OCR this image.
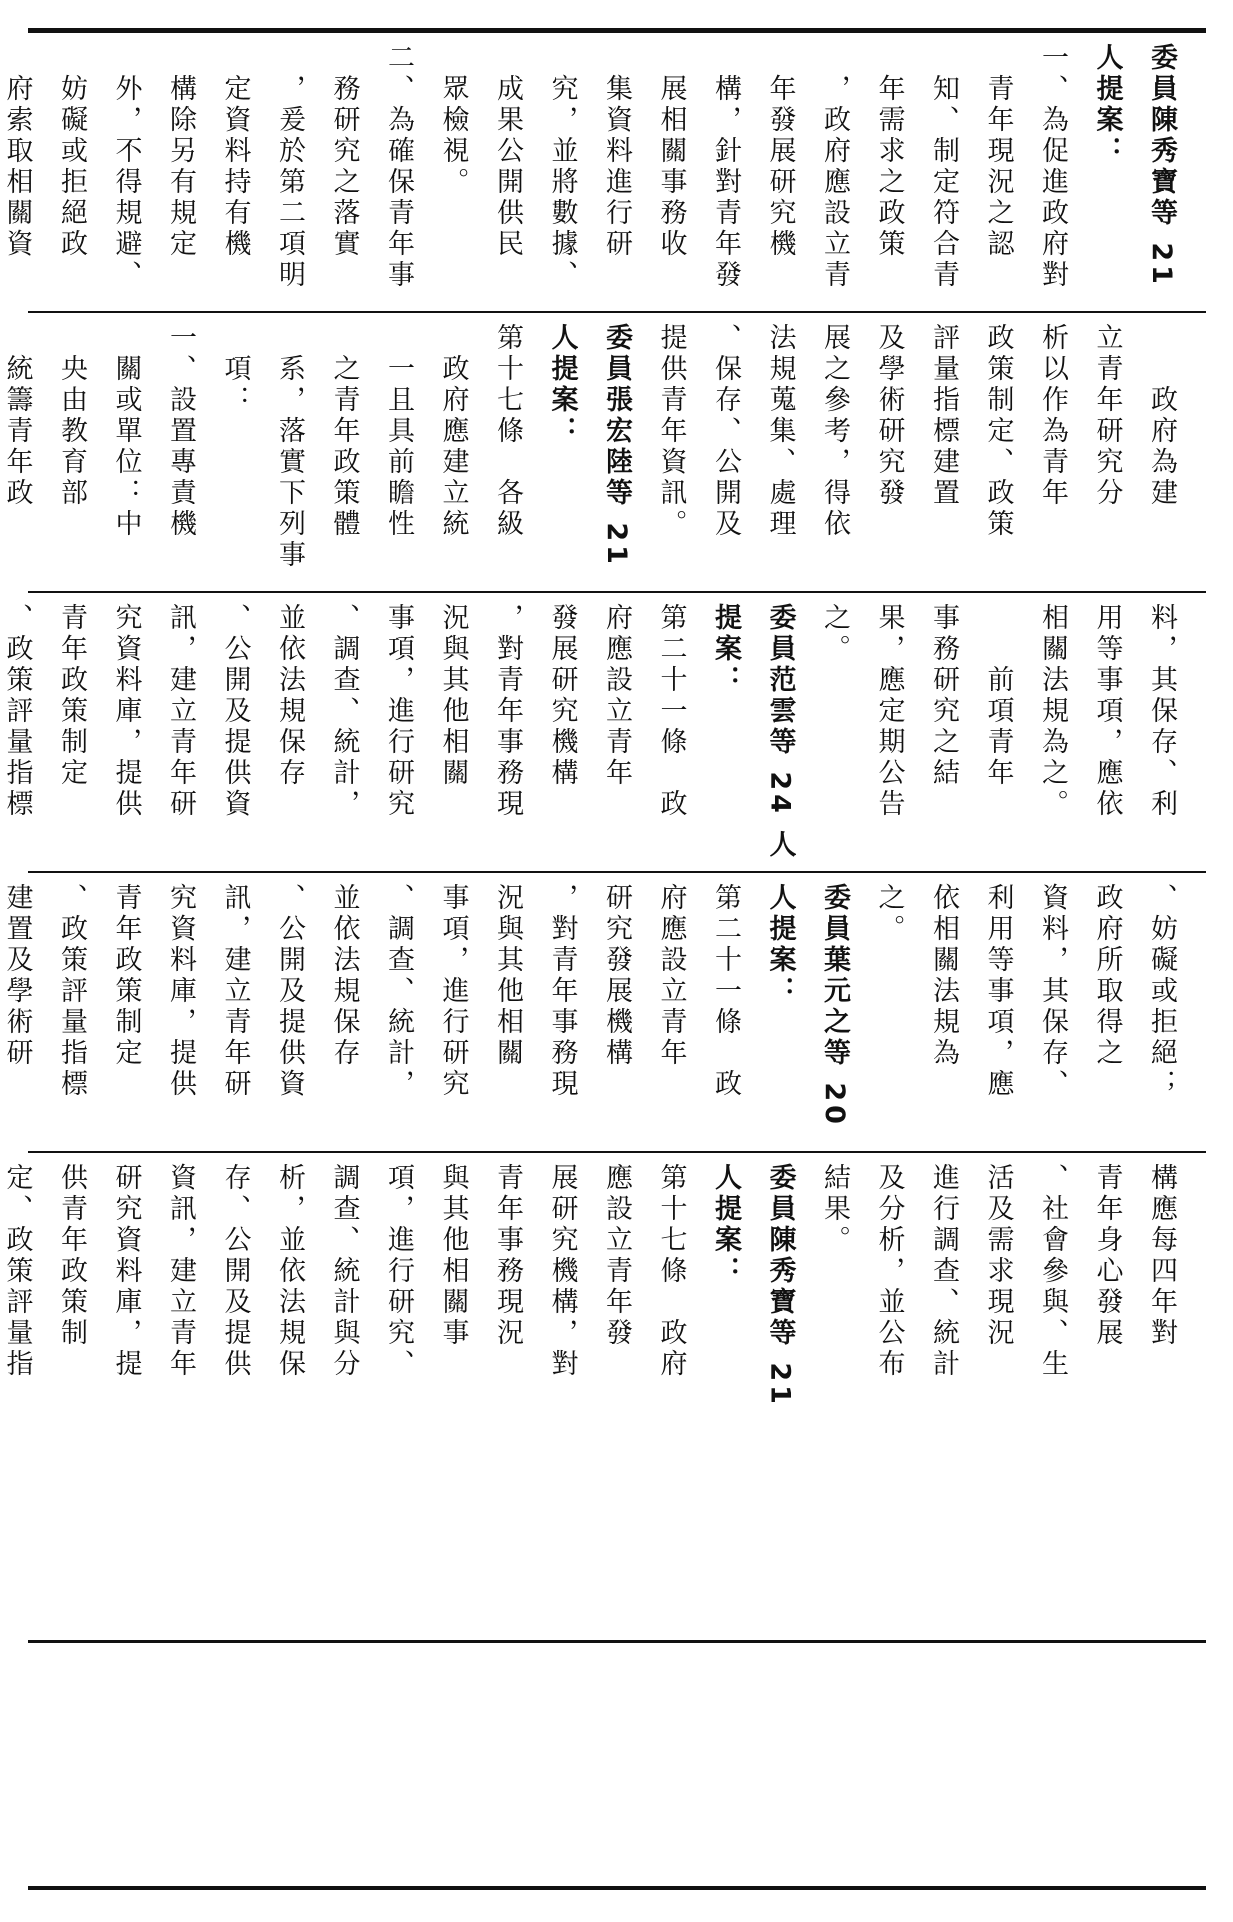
委員陳秀寶等 21
人提案：
一、為促進政府對
　青年現況之認
　知、制定符合青
　年需求之政策
　，政府應設立青
　年發展研究機
　構，針對青年發
　展相關事務收
　集資料進行研
　究，並將數據、
　成果公開供民
　眾檢視。
二、為確保青年事
　務研究之落實
　，爰於第二項明
　定資料持有機
　構除另有規定
　外，不得規避、
　妨礙或拒絕政
　府索取相關資
　　政府為建
立青年研究分
析以作為青年
政策制定、政策
評量指標建置
及學術研究發
展之參考，得依
法規蒐集、處理
、保存、公開及
提供青年資訊。
委員張宏陸等 21
人提案：
第十七條　各級
　政府應建立統
　一且具前瞻性
　之青年政策體
　系，落實下列事
　項：
一、設置專責機
　關或單位：中
　央由教育部
　統籌青年政
料，其保存、利
用等事項，應依
相關法規為之。
　　前項青年
事務研究之結
果，應定期公告
之。
委員范雲等 24 人
提案：
第二十一條　政
府應設立青年
發展研究機構
，對青年事務現
況與其他相關
事項，進行研究
、調查、統計，
並依法規保存
、公開及提供資
訊，建立青年研
究資料庫，提供
青年政策制定
、政策評量指標
、妨礙或拒絕；
政府所取得之
資料，其保存、
利用等事項，應
依相關法規為
之。
委員葉元之等 20
人提案：
第二十一條　政
府應設立青年
研究發展機構
，對青年事務現
況與其他相關
事項，進行研究
、調查、統計，
並依法規保存
、公開及提供資
訊，建立青年研
究資料庫，提供
青年政策制定
、政策評量指標
建置及學術研
構應每四年對
青年身心發展
、社會參與、生
活及需求現況
進行調查、統計
及分析，並公布
結果。
委員陳秀寶等 21
人提案：
第十七條　政府
應設立青年發
展研究機構，對
青年事務現況
與其他相關事
項，進行研究、
調查、統計與分
析，並依法規保
存、公開及提供
資訊，建立青年
研究資料庫，提
供青年政策制
定、政策評量指
